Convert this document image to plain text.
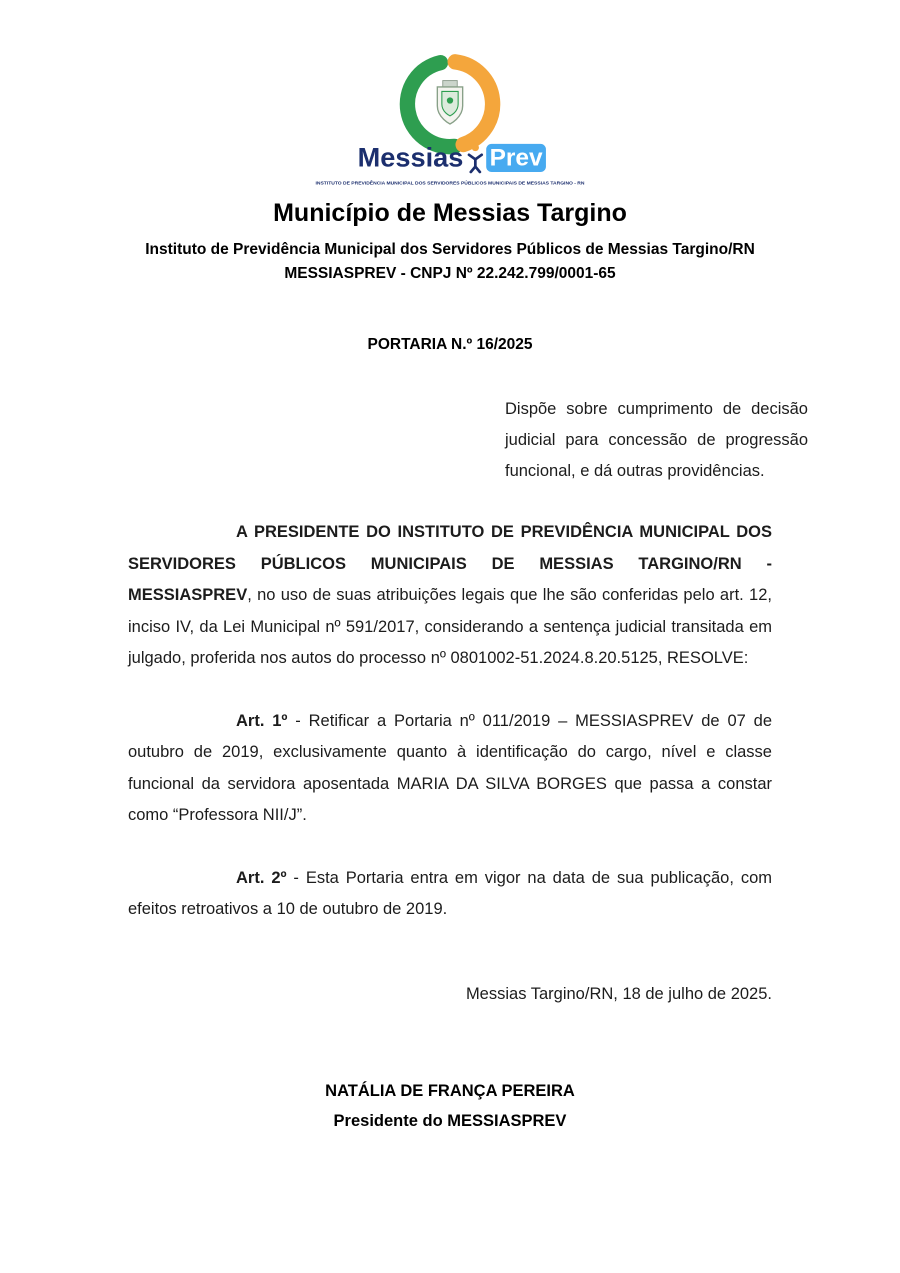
Messias Prev
INSTITUTO DE PREVIDÊNCIA MUNICIPAL DOS SERVIDORES PÚBLICOS MUNICIPAIS DE MESSIAS TARGINO - RN
Município de Messias Targino
Instituto de Previdência Municipal dos Servidores Públicos de Messias Targino/RN
MESSIASPREV - CNPJ Nº 22.242.799/0001-65
PORTARIA N.º 16/2025
Dispõe sobre cumprimento de decisão judicial para concessão de progressão funcional, e dá outras providências.

A PRESIDENTE DO INSTITUTO DE PREVIDÊNCIA MUNICIPAL DOS SERVIDORES PÚBLICOS MUNICIPAIS DE MESSIAS TARGINO/RN - MESSIASPREV, no uso de suas atribuições legais que lhe são conferidas pelo art. 12, inciso IV, da Lei Municipal nº 591/2017, considerando a sentença judicial transitada em julgado, proferida nos autos do processo nº 0801002-51.2024.8.20.5125, RESOLVE:

Art. 1º - Retificar a Portaria nº 011/2019 – MESSIASPREV de 07 de outubro de 2019, exclusivamente quanto à identificação do cargo, nível e classe funcional da servidora aposentada MARIA DA SILVA BORGES que passa a constar como “Professora NII/J”.

Art. 2º - Esta Portaria entra em vigor na data de sua publicação, com efeitos retroativos a 10 de outubro de 2019.

Messias Targino/RN, 18 de julho de 2025.
NATÁLIA DE FRANÇA PEREIRA
Presidente do MESSIASPREV
